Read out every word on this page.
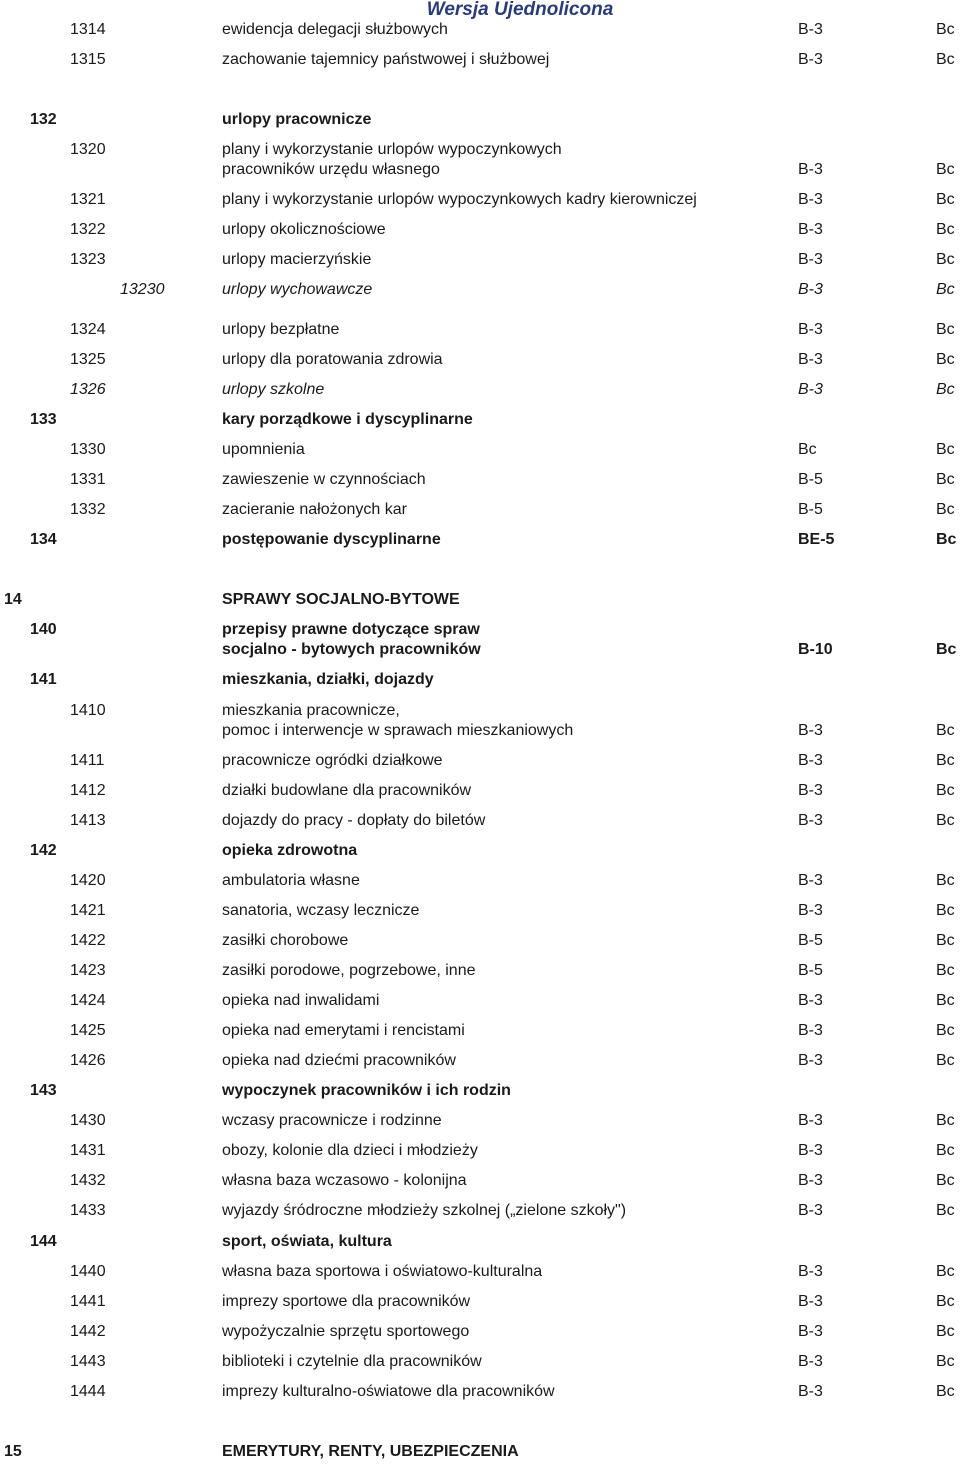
Wersja Ujednolicona
1314	ewidencja delegacji służbowych	B-3	Bc
1315	zachowanie tajemnicy państwowej i służbowej	B-3	Bc
132	urlopy pracownicze
1320	plany i wykorzystanie urlopów wypoczynkowych
pracowników urzędu własnego	B-3	Bc
1321	plany i wykorzystanie urlopów wypoczynkowych kadry kierowniczej	B-3	Bc
1322	urlopy okolicznościowe	B-3	Bc
1323	urlopy macierzyńskie	B-3	Bc
13230	urlopy wychowawcze	B-3	Bc
1324	urlopy bezpłatne	B-3	Bc
1325	urlopy dla poratowania zdrowia	B-3	Bc
1326	urlopy szkolne	B-3	Bc
133	kary porządkowe i dyscyplinarne
1330	upomnienia	Bc	Bc
1331	zawieszenie w czynnościach	B-5	Bc
1332	zacieranie nałożonych kar	B-5	Bc
134	postępowanie dyscyplinarne	BE-5	Bc
14	SPRAWY SOCJALNO-BYTOWE
140	przepisy prawne dotyczące spraw
socjalno - bytowych pracowników	B-10	Bc
141	mieszkania, działki, dojazdy
1410	mieszkania pracownicze,
pomoc i interwencje w sprawach mieszkaniowych	B-3	Bc
1411	pracownicze ogródki działkowe	B-3	Bc
1412	działki budowlane dla pracowników	B-3	Bc
1413	dojazdy do pracy - dopłaty do biletów	B-3	Bc
142	opieka zdrowotna
1420	ambulatoria własne	B-3	Bc
1421	sanatoria, wczasy lecznicze	B-3	Bc
1422	zasiłki chorobowe	B-5	Bc
1423	zasiłki porodowe, pogrzebowe, inne	B-5	Bc
1424	opieka nad inwalidami	B-3	Bc
1425	opieka nad emerytami i rencistami	B-3	Bc
1426	opieka nad dziećmi pracowników	B-3	Bc
143	wypoczynek pracowników i ich rodzin
1430	wczasy pracownicze i rodzinne	B-3	Bc
1431	obozy, kolonie dla dzieci i młodzieży	B-3	Bc
1432	własna baza wczasowo - kolonijna	B-3	Bc
1433	wyjazdy śródroczne młodzieży szkolnej („zielone szkoły")	B-3	Bc
144	sport, oświata, kultura
1440	własna baza sportowa i oświatowo-kulturalna	B-3	Bc
1441	imprezy sportowe dla pracowników	B-3	Bc
1442	wypożyczalnie sprzętu sportowego	B-3	Bc
1443	biblioteki i czytelnie dla pracowników	B-3	Bc
1444	imprezy kulturalno-oświatowe dla pracowników	B-3	Bc
15	EMERYTURY, RENTY, UBEZPIECZENIA
